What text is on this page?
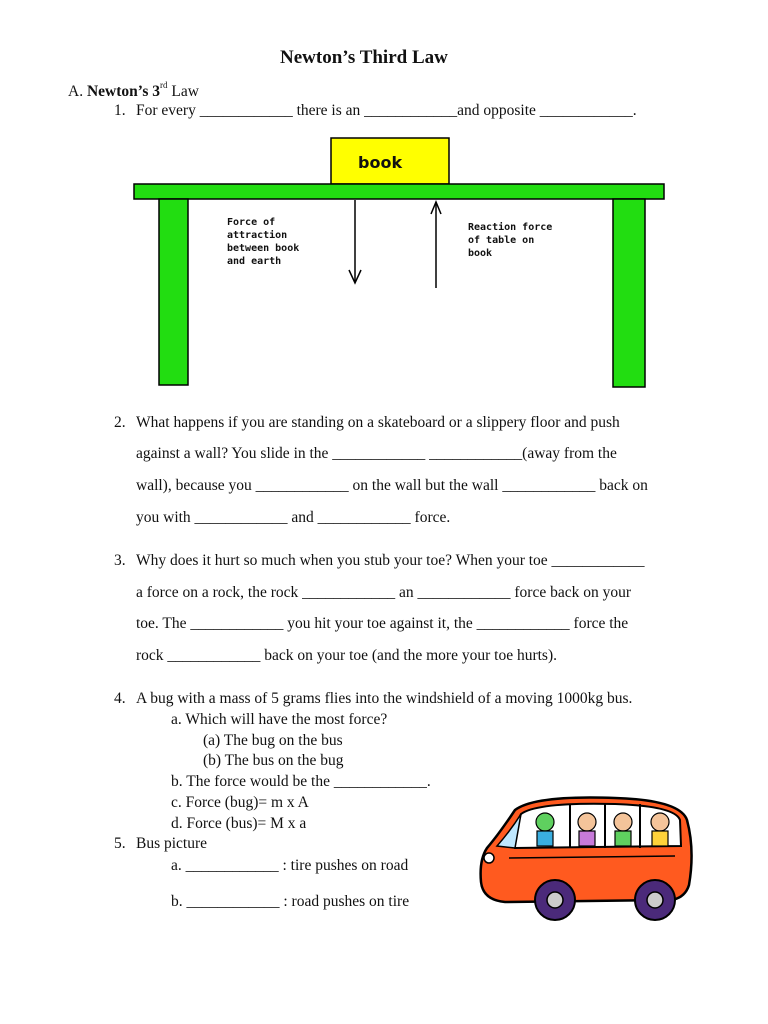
Newton’s Third Law
A. Newton’s 3rd Law
1. For every ____________ there is an ____________and opposite ____________.
book
Force of
attraction
between book
and earth
Reaction force
of table on
book
2. What happens if you are standing on a skateboard or a slippery floor and push
against a wall? You slide in the ____________ ____________(away from the
wall), because you ____________ on the wall but the wall ____________ back on
you with ____________ and ____________ force.
3. Why does it hurt so much when you stub your toe? When your toe ____________
a force on a rock, the rock ____________ an ____________ force back on your
toe. The ____________ you hit your toe against it, the ____________ force the
rock ____________ back on your toe (and the more your toe hurts).
4. A bug with a mass of 5 grams flies into the windshield of a moving 1000kg bus.
a. Which will have the most force?
(a) The bug on the bus
(b) The bus on the bug
b. The force would be the ____________.
c. Force (bug)= m x A
d. Force (bus)= M x a
5. Bus picture
a. ____________ : tire pushes on road
b. ____________ : road pushes on tire
